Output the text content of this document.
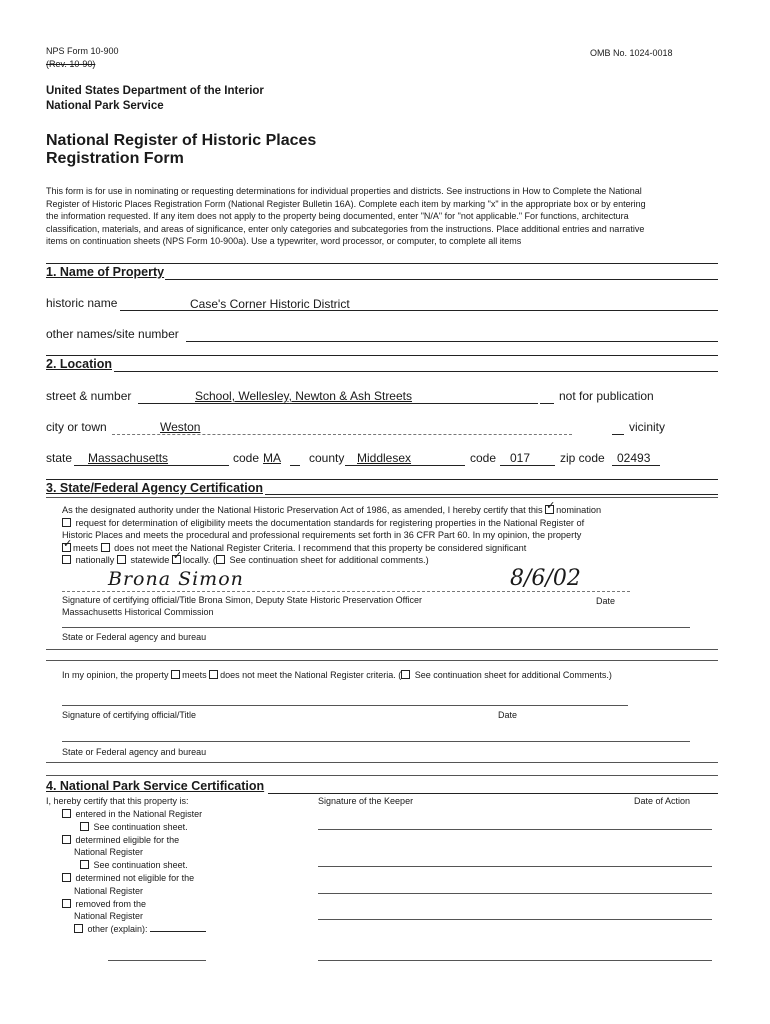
NPS Form 10-900
(Rev. 10-90)
OMB No. 1024-0018
United States Department of the Interior
National Park Service
National Register of Historic Places
Registration Form
This form is for use in nominating or requesting determinations for individual properties and districts. See instructions in How to Complete the National
Register of Historic Places Registration Form (National Register Bulletin 16A). Complete each item by marking "x" in the appropriate box or by entering
the information requested. If any item does not apply to the property being documented, enter "N/A" for "not applicable." For functions, architectura
classification, materials, and areas of significance, enter only categories and subcategories from the instructions. Place additional entries and narrative
items on continuation sheets (NPS Form 10-900a). Use a typewriter, word processor, or computer, to complete all items
1. Name of Property
historic name	Case's Corner Historic District
other names/site number
2. Location
street & number	School, Wellesley, Newton & Ash Streets	not for publication
city or town	Weston	vicinity
state Massachusetts	code MA county Middlesex	code 017 zip code 02493
3. State/Federal Agency Certification
As the designated authority under the National Historic Preservation Act of 1986, as amended, I hereby certify that this ✓ nomination
request for determination of eligibility meets the documentation standards for registering properties in the National Register of
Historic Places and meets the procedural and professional requirements set forth in 36 CFR Part 60. In my opinion, the property
✓meets does not meet the National Register Criteria. I recommend that this property be considered significant
nationally statewide ✓ locally. ( See continuation sheet for additional comments.)
Brona Simon	8/6/02
Signature of certifying official/Title Brona Simon, Deputy State Historic Preservation Officer	Date
Massachusetts Historical Commission
State or Federal agency and bureau
In my opinion, the property meets does not meet the National Register criteria. ( See continuation sheet for additional Comments.)
Signature of certifying official/Title	Date
State or Federal agency and bureau
4. National Park Service Certification
I, hereby certify that this property is:	Signature of the Keeper	Date of Action
entered in the National Register
See continuation sheet.
determined eligible for the
National Register
See continuation sheet.
determined not eligible for the
National Register
removed from the
National Register
other (explain):
